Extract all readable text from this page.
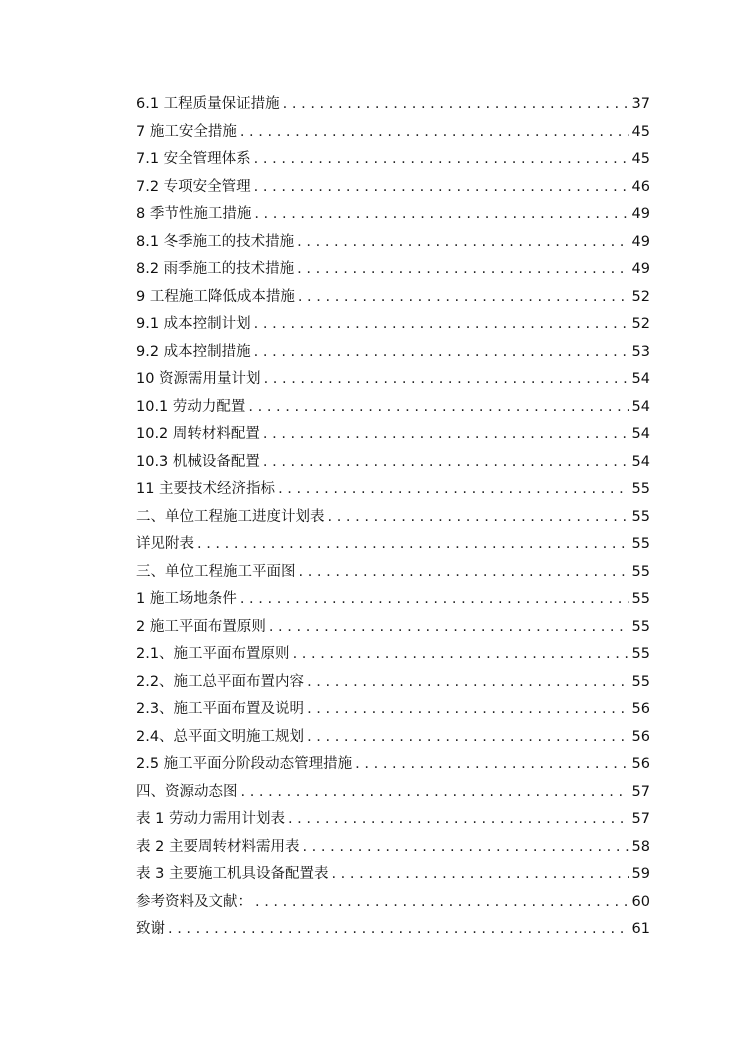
6.1 工程质量保证措施 . . .	37
7 施工安全措施 . . .	45
7.1 安全管理体系 . . .	45
7.2 专项安全管理 . . .	46
8 季节性施工措施 . . .	49
8.1 冬季施工的技术措施 . . .	49
8.2 雨季施工的技术措施 . . .	49
9 工程施工降低成本措施 . . .	52
9.1 成本控制计划 . . .	52
9.2 成本控制措施 . . .	53
10 资源需用量计划 . . .	54
10.1 劳动力配置 . . .	54
10.2 周转材料配置 . . .	54
10.3 机械设备配置 . . .	54
11 主要技术经济指标 . . .	55
二、单位工程施工进度计划表 . . .	55
详见附表 . . .	55
三、单位工程施工平面图 . . .	55
1 施工场地条件 . . .	55
2 施工平面布置原则 . . .	55
2.1、施工平面布置原则 . . .	55
2.2、施工总平面布置内容 . . .	55
2.3、施工平面布置及说明 . . .	56
2.4、总平面文明施工规划 . . .	56
2.5 施工平面分阶段动态管理措施 . . .	56
四、资源动态图 . . .	57
表 1 劳动力需用计划表 . . .	57
表 2 主要周转材料需用表 . . .	58
表 3 主要施工机具设备配置表 . . .	59
参考资料及文献： . . .	60
致谢 . . .	61
